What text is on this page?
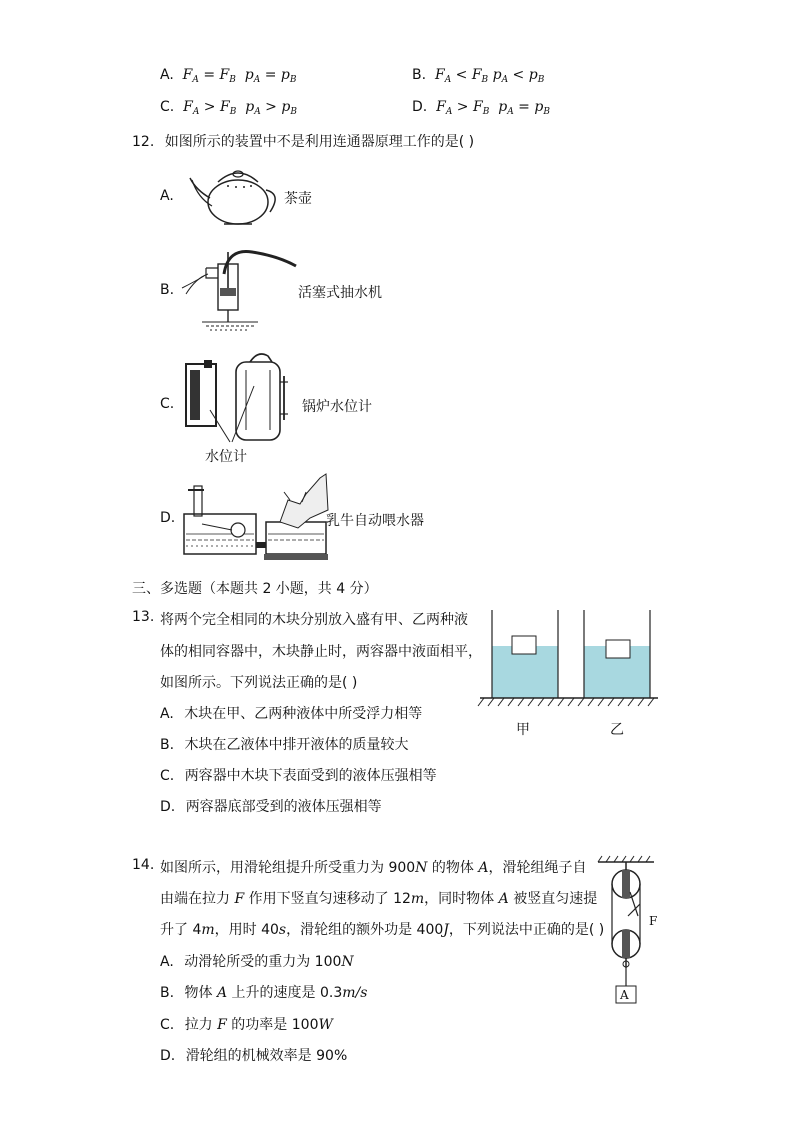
A.  $F_A = F_B$  $p_A = p_B$	B.  $F_A < F_B$ $p_A < p_B$
C.  $F_A > F_B$  $p_A > p_B$	D.  $F_A > F_B$  $p_A = p_B$
12. 如图所示的装置中不是利用连通器原理工作的是( )
A.	茶壶
B.	活塞式抽水机
C.	锅炉水位计
水位计
D.	乳牛自动喂水器
三、多选题（本题共 2 小题，共 4 分）
13. 将两个完全相同的木块分别放入盛有甲、乙两种液
体的相同容器中，木块静止时，两容器中液面相平，
如图所示。下列说法正确的是( )
A. 木块在甲、乙两种液体中所受浮力相等
B. 木块在乙液体中排开液体的质量较大
C. 两容器中木块下表面受到的液体压强相等
D. 两容器底部受到的液体压强相等
甲	乙
14. 如图所示，用滑轮组提升所受重力为 900N 的物体 A，滑轮组绳子自
由端在拉力 F 作用下竖直匀速移动了 12m，同时物体 A 被竖直匀速提
升了 4m，用时 40s，滑轮组的额外功是 400J，下列说法中正确的是( )
A. 动滑轮所受的重力为 100N
B. 物体 A 上升的速度是 0.3m/s
C. 拉力 F 的功率是 100W
D. 滑轮组的机械效率是 90%
F
A
